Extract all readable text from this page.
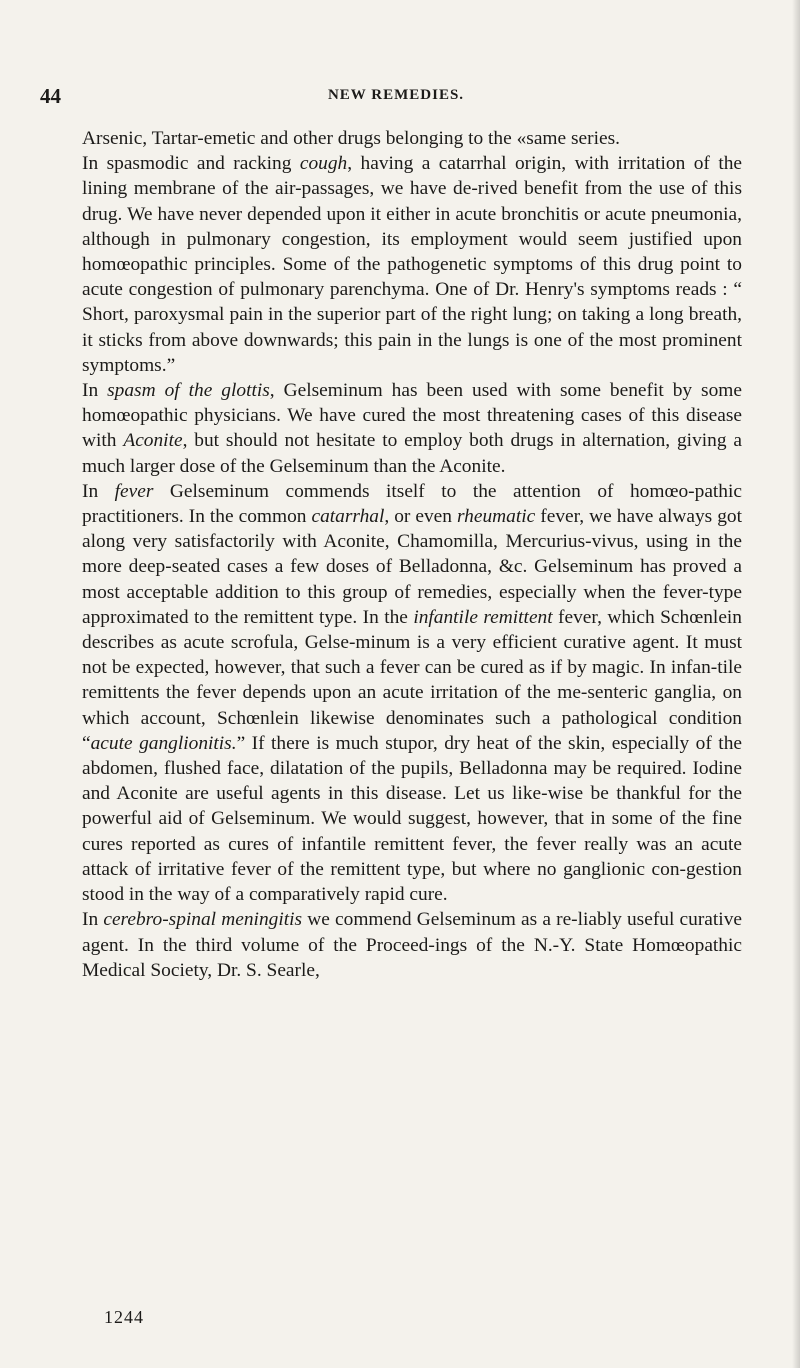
44	NEW REMEDIES.

Arsenic, Tartar-emetic and other drugs belonging to the «same series.

In spasmodic and racking cough, having a catarrhal origin, with irritation of the lining membrane of the air-passages, we have de-rived benefit from the use of this drug. We have never depended upon it either in acute bronchitis or acute pneumonia, although in pulmonary congestion, its employment would seem justified upon homœopathic principles. Some of the pathogenetic symptoms of this drug point to acute congestion of pulmonary parenchyma. One of Dr. Henry's symptoms reads : “ Short, paroxysmal pain in the superior part of the right lung; on taking a long breath, it sticks from above downwards; this pain in the lungs is one of the most prominent symptoms.”

In spasm of the glottis, Gelseminum has been used with some benefit by some homœopathic physicians. We have cured the most threatening cases of this disease with Aconite, but should not hesitate to employ both drugs in alternation, giving a much larger dose of the Gelseminum than the Aconite.

In fever Gelseminum commends itself to the attention of homœo-pathic practitioners. In the common catarrhal, or even rheumatic fever, we have always got along very satisfactorily with Aconite, Chamomilla, Mercurius-vivus, using in the more deep-seated cases a few doses of Belladonna, &c. Gelseminum has proved a most acceptable addition to this group of remedies, especially when the fever-type approximated to the remittent type. In the infantile remittent fever, which Schœnlein describes as acute scrofula, Gelse-minum is a very efficient curative agent. It must not be expected, however, that such a fever can be cured as if by magic. In infan-tile remittents the fever depends upon an acute irritation of the me-senteric ganglia, on which account, Schœnlein likewise denominates such a pathological condition “acute ganglionitis.” If there is much stupor, dry heat of the skin, especially of the abdomen, flushed face, dilatation of the pupils, Belladonna may be required. Iodine and Aconite are useful agents in this disease. Let us like-wise be thankful for the powerful aid of Gelseminum. We would suggest, however, that in some of the fine cures reported as cures of infantile remittent fever, the fever really was an acute attack of irritative fever of the remittent type, but where no ganglionic con-gestion stood in the way of a comparatively rapid cure.

In cerebro-spinal meningitis we commend Gelseminum as a re-liably useful curative agent. In the third volume of the Proceed-ings of the N.-Y. State Homœopathic Medical Society, Dr. S. Searle,

1244
